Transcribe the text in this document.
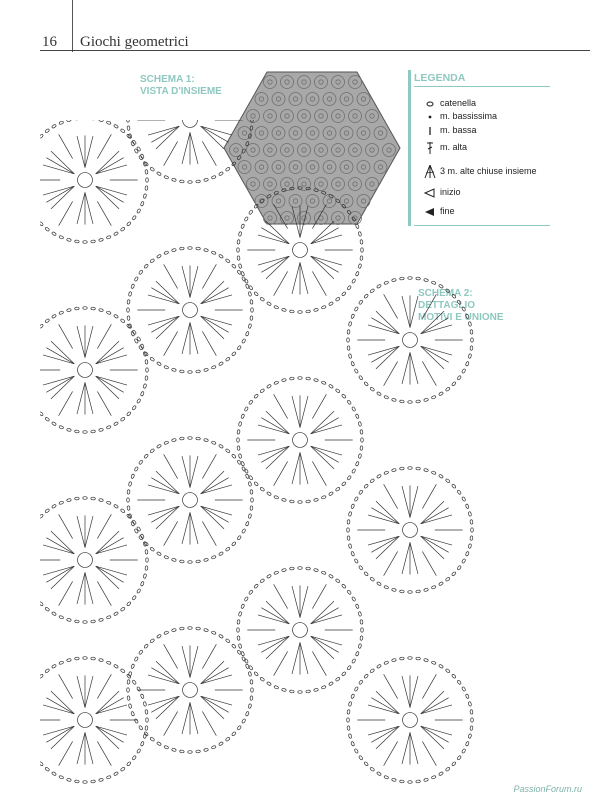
16 Giochi geometrici
SCHEMA 1:
VISTA D'INSIEME
LEGENDA
catenella
m. bassissima
m. bassa
m. alta
3 m. alte chiuse insieme
inizio
fine
SCHEMA 2:
DETTAGLIO
MOTIVI E UNIONE
PassionForum.ru
